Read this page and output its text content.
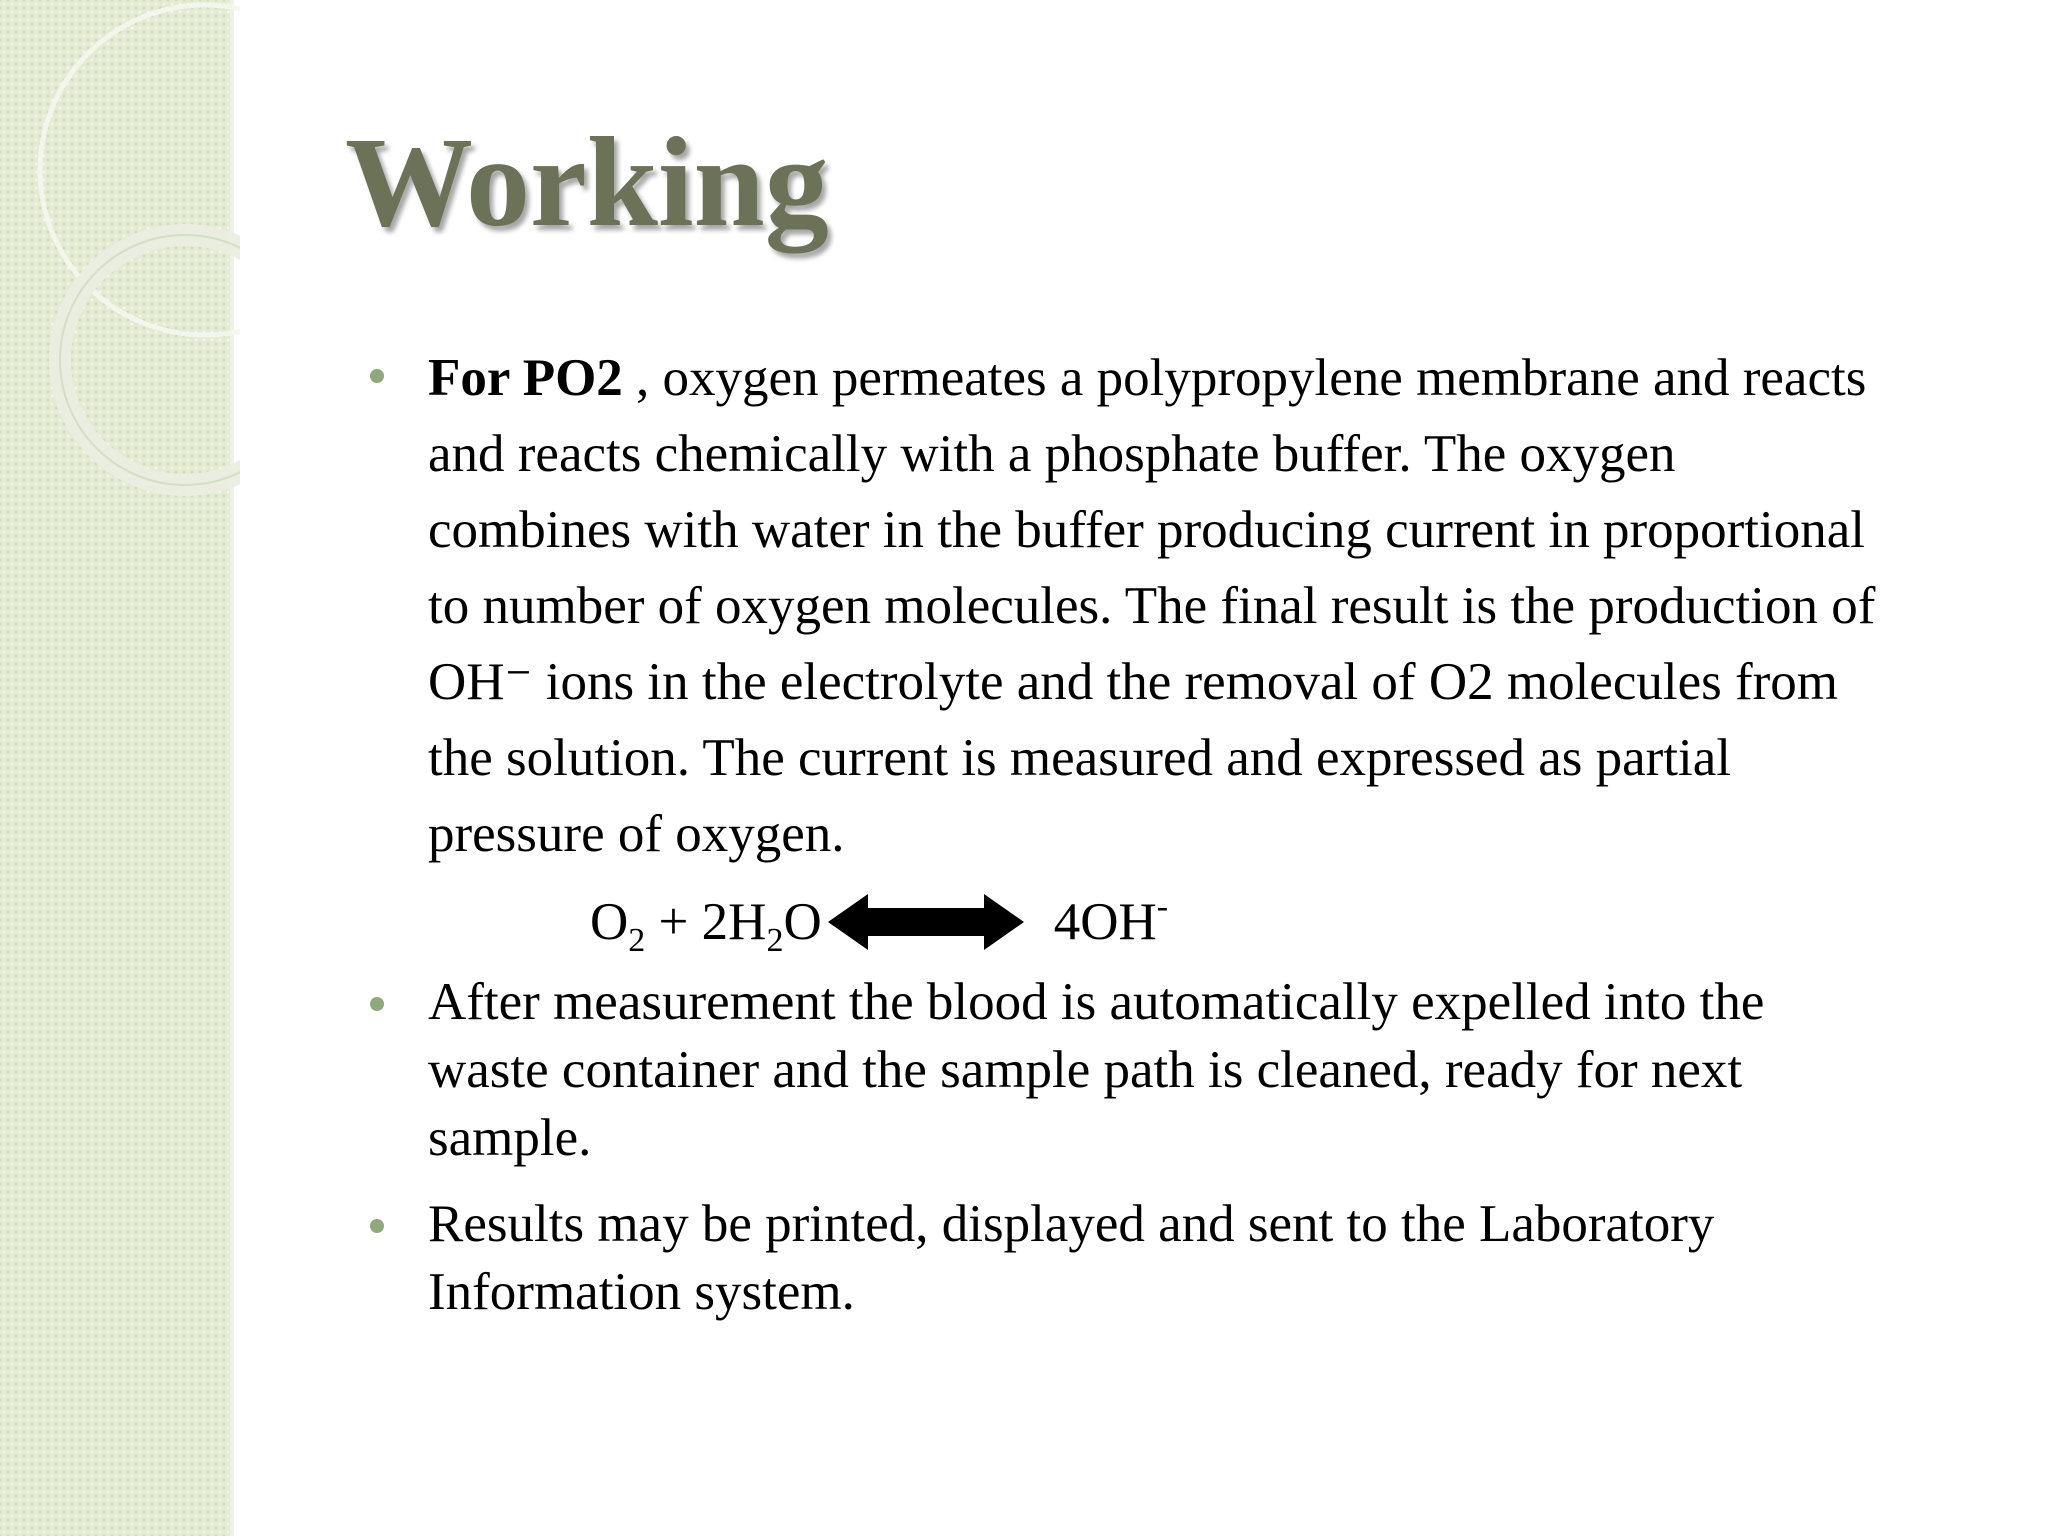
Working

For PO2 , oxygen permeates a polypropylene membrane and reacts
and reacts chemically with a phosphate buffer. The oxygen
combines with water in the buffer producing current in proportional
to number of oxygen molecules. The final result is the production of
OH⁻ ions in the electrolyte and the removal of O2 molecules from
the solution. The current is measured and expressed as partial
pressure of oxygen.

$O_2 + 2H_2O$	4OH-

After measurement the blood is automatically expelled into the
waste container and the sample path is cleaned, ready for next
sample.

Results may be printed, displayed and sent to the Laboratory
Information system.
